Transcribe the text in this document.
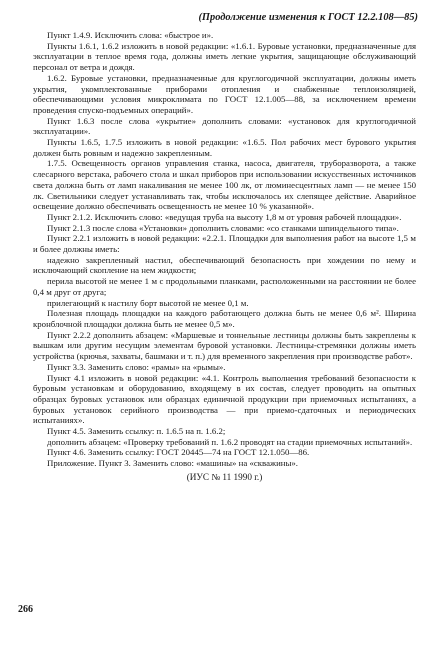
(Продолжение изменения к ГОСТ 12.2.108—85)

Пункт 1.4.9. Исключить слова: «быстрое и».

Пункты 1.6.1, 1.6.2 изложить в новой редакции: «1.6.1. Буровые установки, предназначенные для эксплуатации в теплое время года, должны иметь легкие укрытия, защищающие обслуживающий персонал от ветра и дождя.

1.6.2. Буровые установки, предназначенные для круглогодичной эксплуатации, должны иметь укрытия, укомплектованные приборами отопления и снабженные теплоизоляцией, обеспечивающими условия микроклимата по ГОСТ 12.1.005—88, за исключением времени проведения спуско-подъемных операций».

Пункт 1.6.3 после слова «укрытие» дополнить словами: «установок для круглогодичной эксплуатации».

Пункты 1.6.5, 1.7.5 изложить в новой редакции: «1.6.5. Пол рабочих мест бурового укрытия должен быть ровным и надежно закрепленным.

1.7.5. Освещенность органов управления станка, насоса, двигателя, труборазворота, а также слесарного верстака, рабочего стола и шкал приборов при использовании искусственных источников света должна быть от ламп накаливания не менее 100 лк, от люминесцентных ламп — не менее 150 лк. Светильники следует устанавливать так, чтобы исключалось их слепящее действие. Аварийное освещение должно обеспечивать освещенность не менее 10 % указанной».

Пункт 2.1.2. Исключить слово: «ведущая труба на высоту 1,8 м от уровня рабочей площадки».

Пункт 2.1.3 после слова «Установки» дополнить словами: «со станками шпиндельного типа».

Пункт 2.2.1 изложить в новой редакции: «2.2.1. Площадки для выполнения работ на высоте 1,5 м и более должны иметь:

надежно закрепленный настил, обеспечивающий безопасность при хождении по нему и исключающий скопление на нем жидкости;

перила высотой не менее 1 м с продольными планками, расположенными на расстоянии не более 0,4 м друг от друга;

прилегающий к настилу борт высотой не менее 0,1 м.

Полезная площадь площадки на каждого работающего должна быть не менее 0,6 м². Ширина кронблочной площадки должна быть не менее 0,5 м».

Пункт 2.2.2 дополнить абзацем: «Маршевые и тоннельные лестницы должны быть закреплены к вышкам или другим несущим элементам буровой установки. Лестницы-стремянки должны иметь устройства (крючья, захваты, башмаки и т. п.) для временного закрепления при производстве работ».

Пункт 3.3. Заменить слово: «рамы» на «рымы».

Пункт 4.1 изложить в новой редакции: «4.1. Контроль выполнения требований безопасности к буровым установкам и оборудованию, входящему в их состав, следует проводить на опытных образцах буровых установок или образцах единичной продукции при приемочных испытаниях, а буровых установок серийного производства — при приемо-сдаточных и периодических испытаниях».

Пункт 4.5. Заменить ссылку: п. 1.6.5 на п. 1.6.2;

дополнить абзацем: «Проверку требований п. 1.6.2 проводят на стадии приемочных испытаний».

Пункт 4.6. Заменить ссылку: ГОСТ 20445—74 на ГОСТ 12.1.050—86.

Приложение. Пункт 3. Заменить слово: «машины» на «скважины».

(ИУС № 11 1990 г.)

266
